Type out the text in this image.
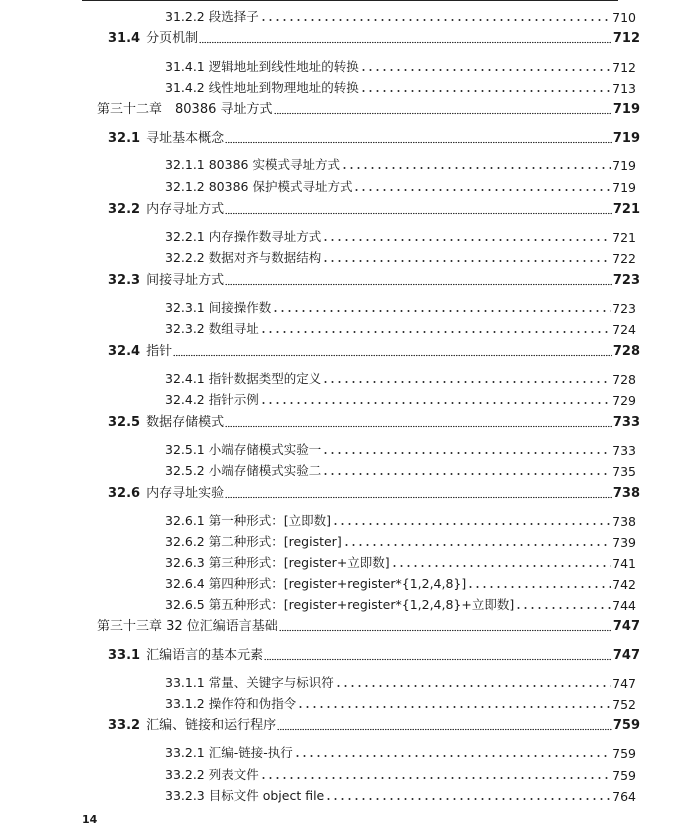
31.2.2 段选择子	710
31.4 分页机制	712
31.4.1 逻辑地址到线性地址的转换	712
31.4.2 线性地址到物理地址的转换	713
第三十二章　80386 寻址方式	719
32.1 寻址基本概念	719
32.1.1 80386 实模式寻址方式	719
32.1.2 80386 保护模式寻址方式	719
32.2 内存寻址方式	721
32.2.1 内存操作数寻址方式	721
32.2.2 数据对齐与数据结构	722
32.3 间接寻址方式	723
32.3.1 间接操作数	723
32.3.2 数组寻址	724
32.4 指针	728
32.4.1 指针数据类型的定义	728
32.4.2 指针示例	729
32.5 数据存储模式	733
32.5.1 小端存储模式实验一	733
32.5.2 小端存储模式实验二	735
32.6 内存寻址实验	738
32.6.1 第一种形式：[立即数]	738
32.6.2 第二种形式：[register]	739
32.6.3 第三种形式：[register+立即数]	741
32.6.4 第四种形式：[register+register*{1,2,4,8}]	742
32.6.5 第五种形式：[register+register*{1,2,4,8}+立即数]	744
第三十三章 32 位汇编语言基础	747
33.1 汇编语言的基本元素	747
33.1.1 常量、关键字与标识符	747
33.1.2 操作符和伪指令	752
33.2 汇编、链接和运行程序	759
33.2.1 汇编-链接-执行	759
33.2.2 列表文件	759
33.2.3 目标文件 object file	764
14
